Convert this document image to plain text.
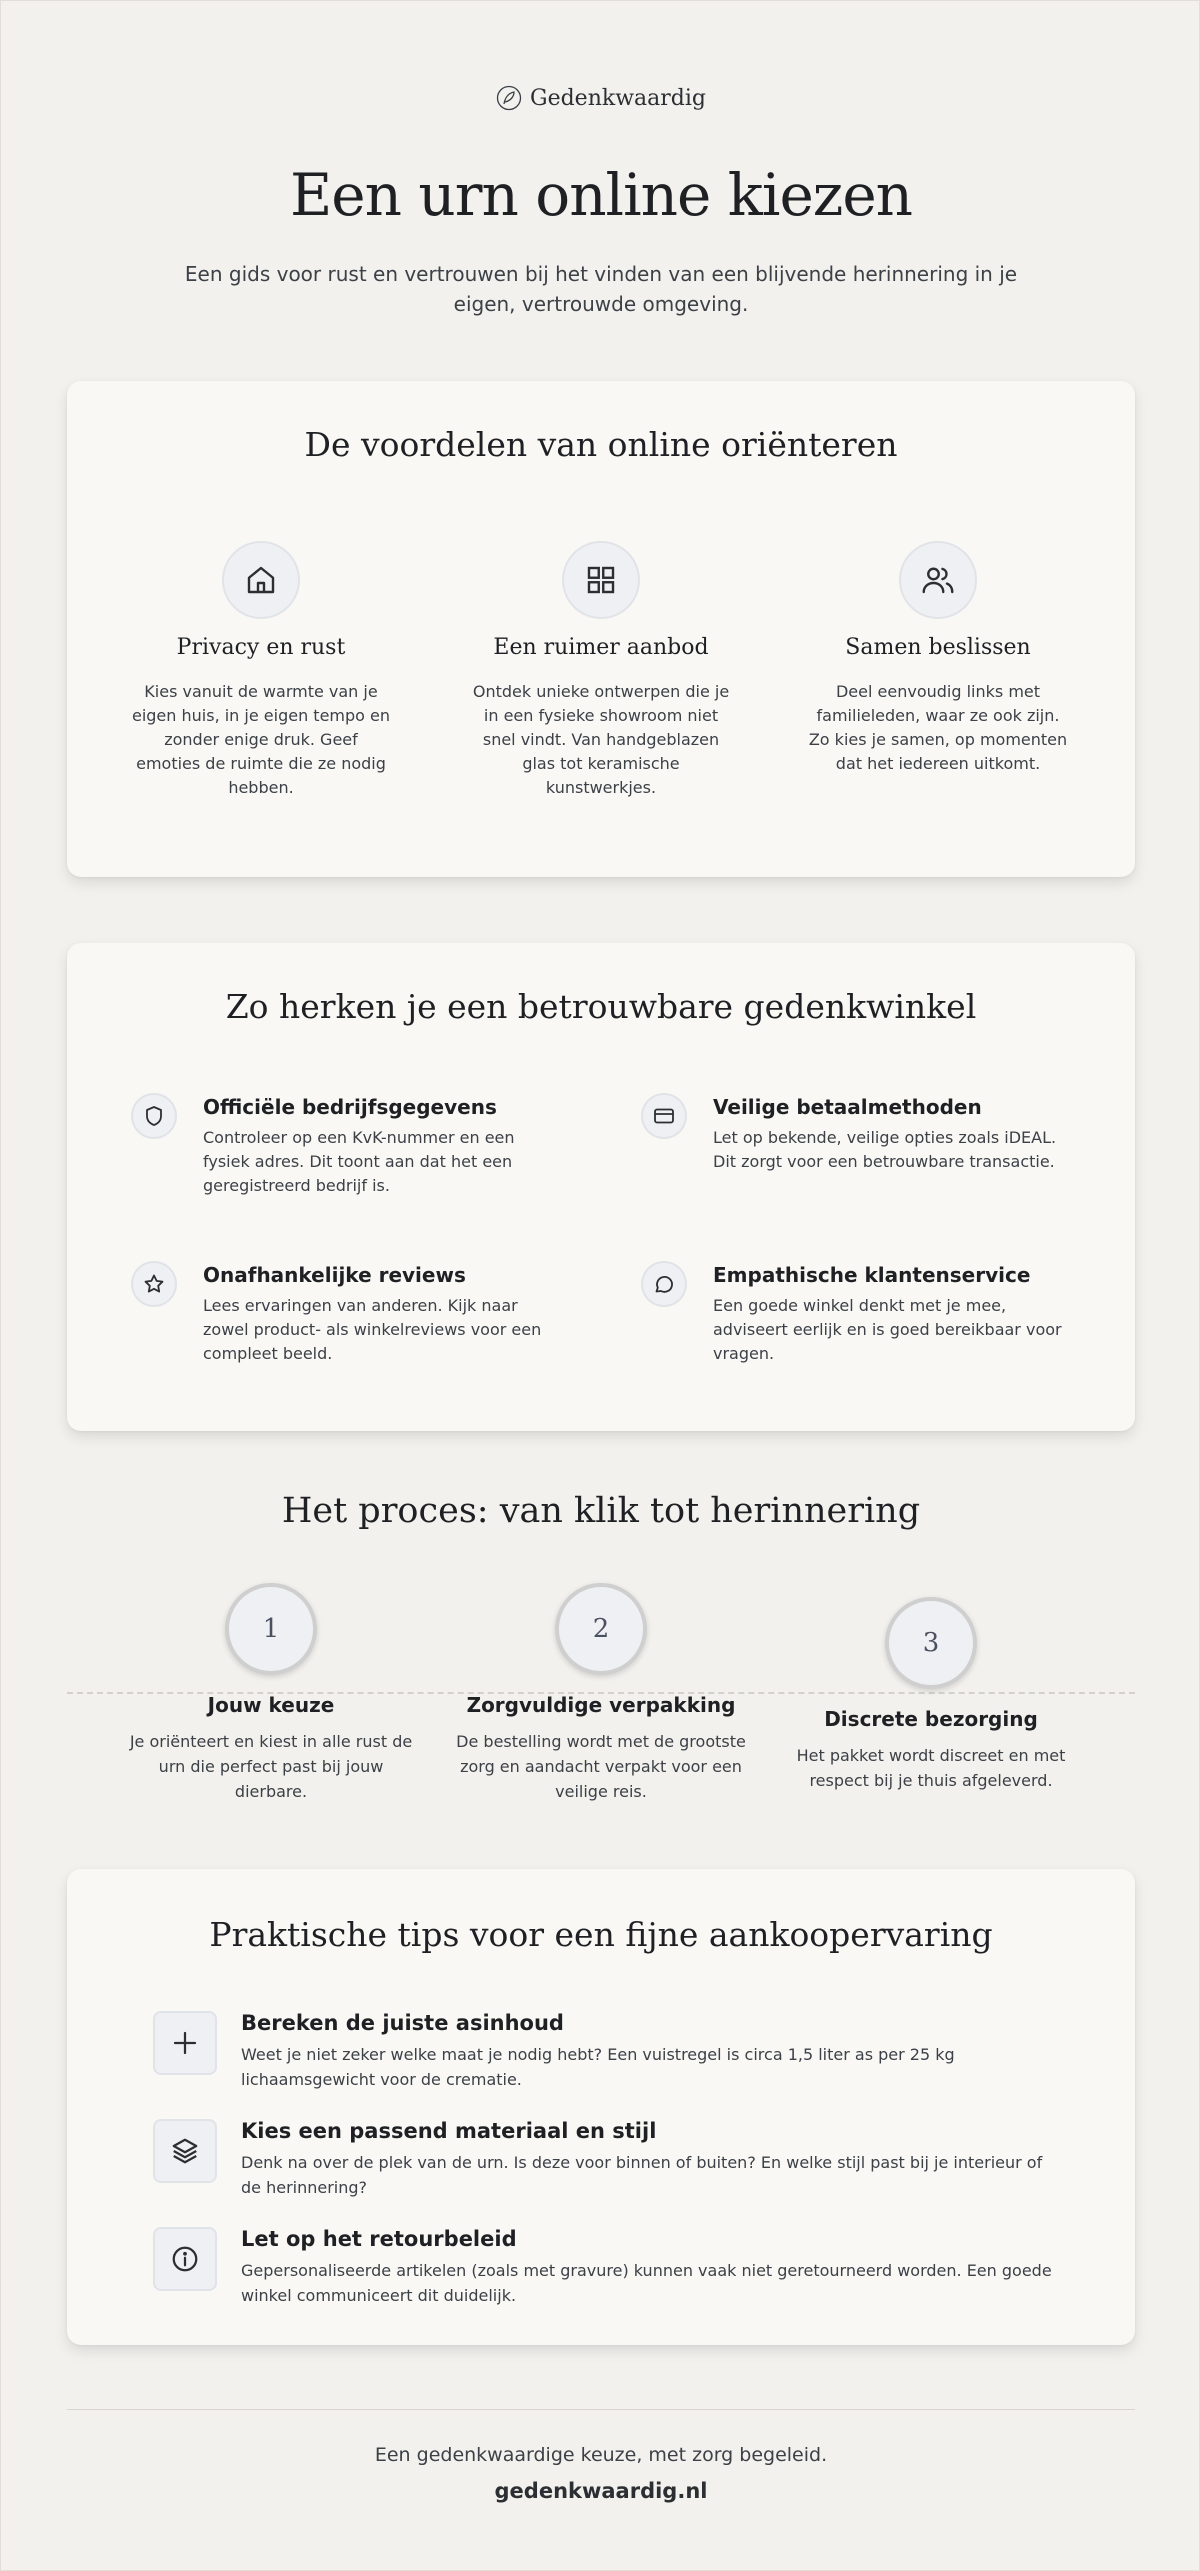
Gedenkwaardig
Een urn online kiezen

Een gids voor rust en vertrouwen bij het vinden van een blijvende herinnering in je eigen, vertrouwde omgeving.

De voordelen van online oriënteren
Privacy en rust

Kies vanuit de warmte van je eigen huis, in je eigen tempo en zonder enige druk. Geef emoties de ruimte die ze nodig hebben.

Een ruimer aanbod

Ontdek unieke ontwerpen die je in een fysieke showroom niet snel vindt. Van handgeblazen glas tot keramische kunstwerkjes.

Samen beslissen

Deel eenvoudig links met familieleden, waar ze ook zijn. Zo kies je samen, op momenten dat het iedereen uitkomt.

Zo herken je een betrouwbare gedenkwinkel
Officiële bedrijfsgegevens

Controleer op een KvK-nummer en een fysiek adres. Dit toont aan dat het een geregistreerd bedrijf is.

Veilige betaalmethoden

Let op bekende, veilige opties zoals iDEAL. Dit zorgt voor een betrouwbare transactie.

Onafhankelijke reviews

Lees ervaringen van anderen. Kijk naar zowel product- als winkelreviews voor een compleet beeld.

Empathische klantenservice

Een goede winkel denkt met je mee, adviseert eerlijk en is goed bereikbaar voor vragen.

Het proces: van klik tot herinnering
1
Jouw keuze

Je oriënteert en kiest in alle rust de urn die perfect past bij jouw dierbare.

2
Zorgvuldige verpakking

De bestelling wordt met de grootste zorg en aandacht verpakt voor een veilige reis.

3
Discrete bezorging

Het pakket wordt discreet en met respect bij je thuis afgeleverd.

Praktische tips voor een fijne aankoopervaring
Bereken de juiste asinhoud

Weet je niet zeker welke maat je nodig hebt? Een vuistregel is circa 1,5 liter as per 25 kg lichaamsgewicht voor de crematie.

Kies een passend materiaal en stijl

Denk na over de plek van de urn. Is deze voor binnen of buiten? En welke stijl past bij je interieur of de herinnering?

Let op het retourbeleid

Gepersonaliseerde artikelen (zoals met gravure) kunnen vaak niet geretourneerd worden. Een goede winkel communiceert dit duidelijk.

Een gedenkwaardige keuze, met zorg begeleid.

gedenkwaardig.nl
